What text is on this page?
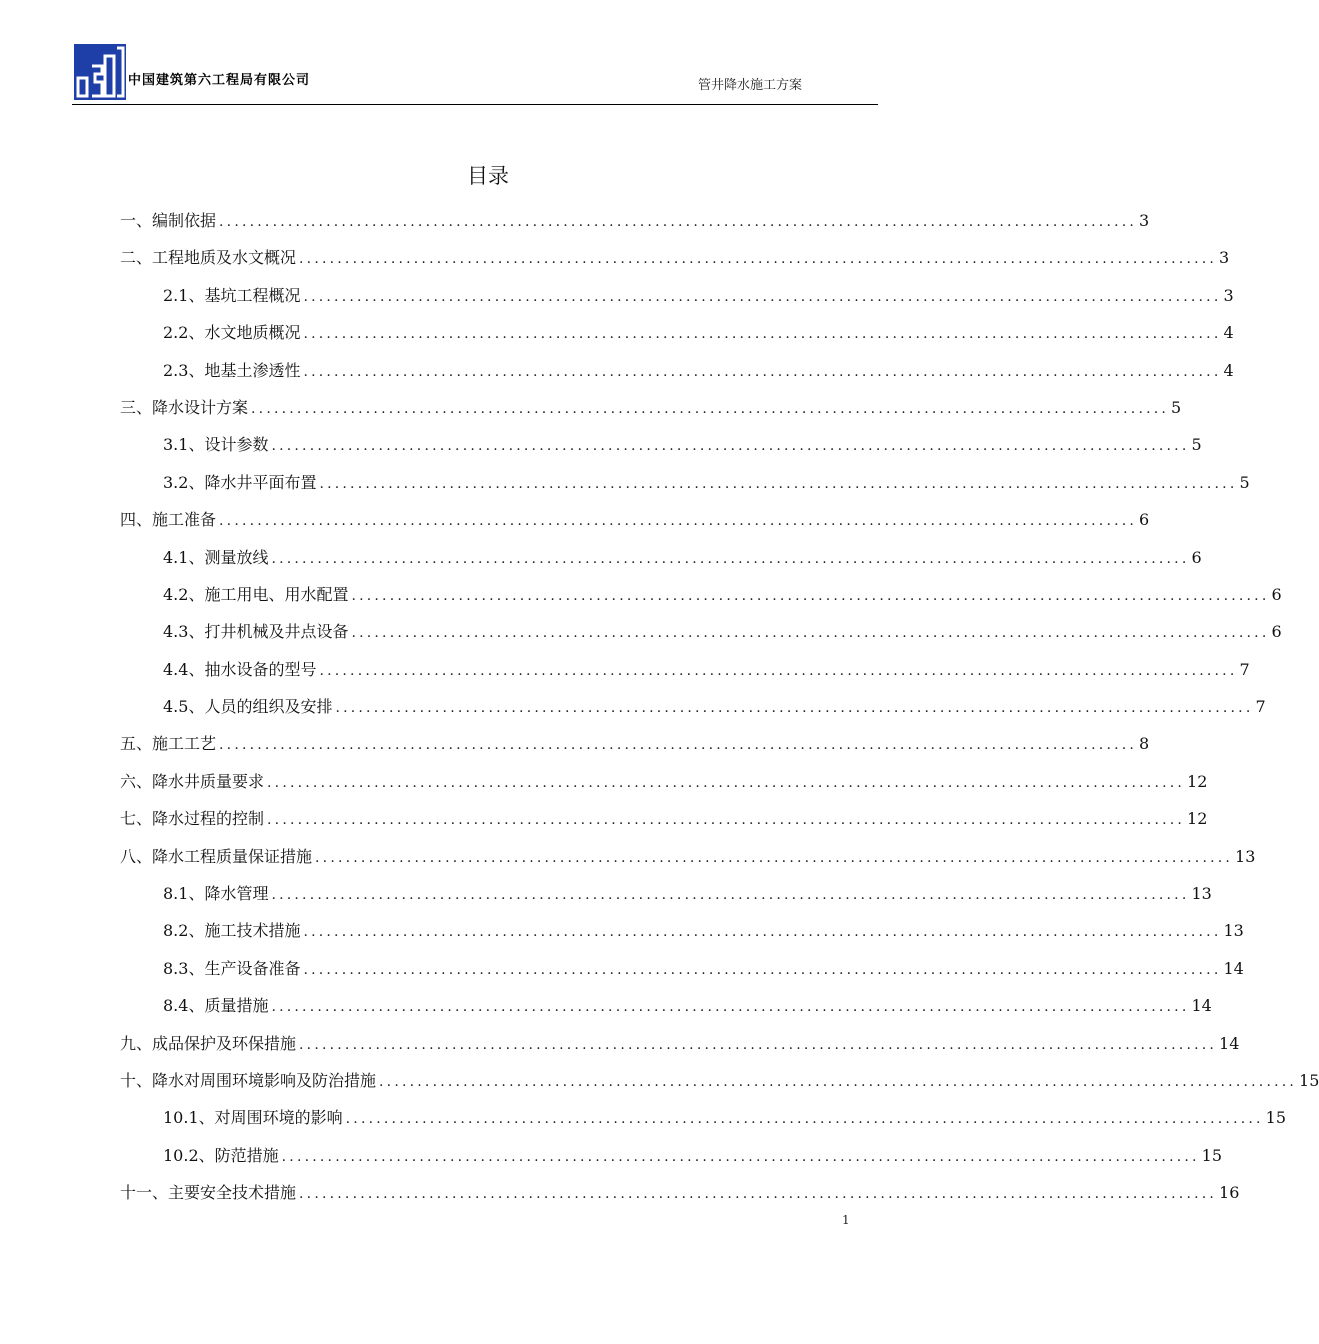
中国建筑第六工程局有限公司	管井降水施工方案
目录
一、编制依据 ........................................................................................................................ 3
二、工程地质及水文概况 ........................................................................................................................ 3
2.1、基坑工程概况 ........................................................................................................................ 3
2.2、水文地质概况 ........................................................................................................................ 4
2.3、地基土渗透性 ........................................................................................................................ 4
三、降水设计方案 ........................................................................................................................ 5
3.1、设计参数 ........................................................................................................................ 5
3.2、降水井平面布置 ........................................................................................................................ 5
四、施工准备 ........................................................................................................................ 6
4.1、测量放线 ........................................................................................................................ 6
4.2、施工用电、用水配置 ........................................................................................................................ 6
4.3、打井机械及井点设备 ........................................................................................................................ 6
4.4、抽水设备的型号 ........................................................................................................................ 7
4.5、人员的组织及安排 ........................................................................................................................ 7
五、施工工艺 ........................................................................................................................ 8
六、降水井质量要求 ........................................................................................................................ 12
七、降水过程的控制 ........................................................................................................................ 12
八、降水工程质量保证措施 ........................................................................................................................ 13
8.1、降水管理 ........................................................................................................................ 13
8.2、施工技术措施 ........................................................................................................................ 13
8.3、生产设备准备 ........................................................................................................................ 14
8.4、质量措施 ........................................................................................................................ 14
九、成品保护及环保措施 ........................................................................................................................ 14
十、降水对周围环境影响及防治措施 ........................................................................................................................ 15
10.1、对周围环境的影响 ........................................................................................................................ 15
10.2、防范措施 ........................................................................................................................ 15
十一、主要安全技术措施 ........................................................................................................................ 16
1
